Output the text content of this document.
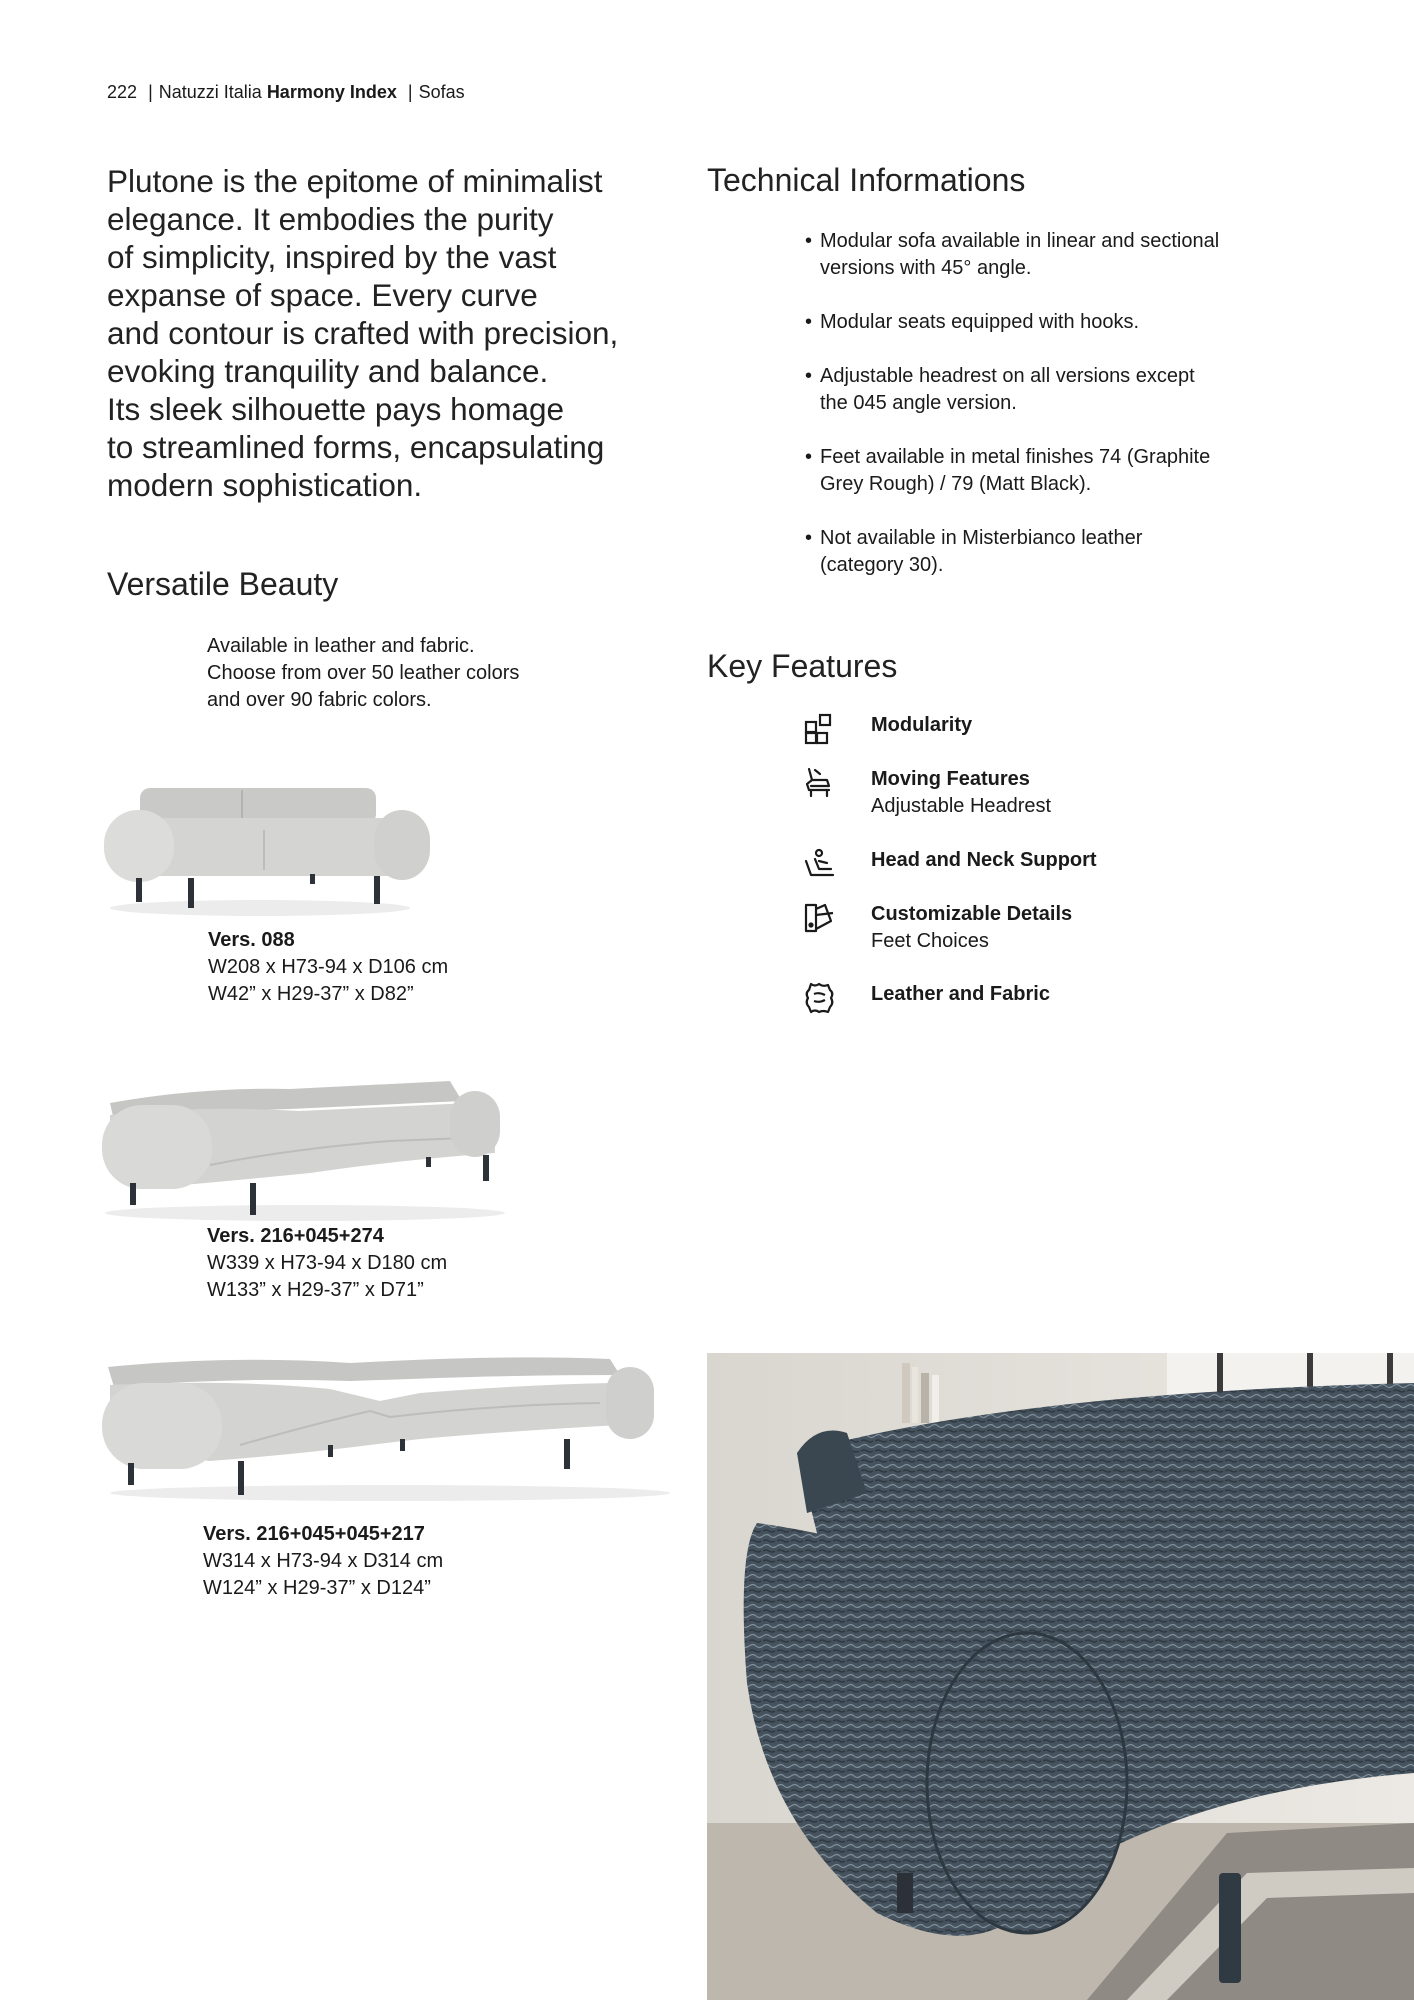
222 | Natuzzi Italia Harmony Index | Sofas
Plutone is the epitome of minimalist
elegance. It embodies the purity
of simplicity, inspired by the vast
expanse of space. Every curve
and contour is crafted with precision,
evoking tranquility and balance.
Its sleek silhouette pays homage
to streamlined forms, encapsulating
modern sophistication.
Versatile Beauty
Available in leather and fabric.
Choose from over 50 leather colors
and over 90 fabric colors.
Vers. 088
W208 x H73-94 x D106 cm
W42” x H29-37” x D82”
Vers. 216+045+274
W339 x H73-94 x D180 cm
W133” x H29-37” x D71”
Vers. 216+045+045+217
W314 x H73-94 x D314 cm
W124” x H29-37” x D124”
Technical Informations
• Modular sofa available in linear and sectional
versions with 45° angle.
• Modular seats equipped with hooks.
• Adjustable headrest on all versions except
the 045 angle version.
• Feet available in metal finishes 74 (Graphite
Grey Rough) / 79 (Matt Black).
• Not available in Misterbianco leather
(category 30).
Key Features
Modularity
Moving Features
Adjustable Headrest
Head and Neck Support
Customizable Details
Feet Choices
Leather and Fabric
